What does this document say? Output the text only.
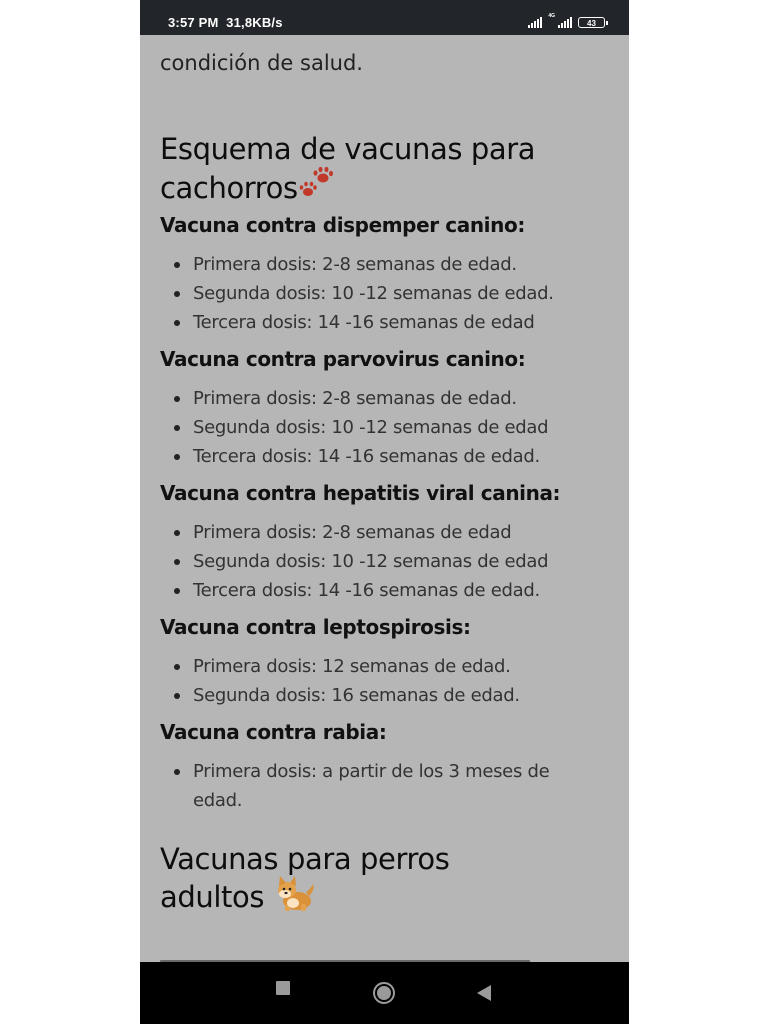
3:57 PM 31,8KB/s	4G
43

condición de salud.

Esquema de vacunas para cachorros
Vacuna contra dispemper canino:
Primera dosis: 2-8 semanas de edad.
Segunda dosis: 10 -12 semanas de edad.
Tercera dosis: 14 -16 semanas de edad
Vacuna contra parvovirus canino:
Primera dosis: 2-8 semanas de edad.
Segunda dosis: 10 -12 semanas de edad
Tercera dosis: 14 -16 semanas de edad.
Vacuna contra hepatitis viral canina:
Primera dosis: 2-8 semanas de edad
Segunda dosis: 10 -12 semanas de edad
Tercera dosis: 14 -16 semanas de edad.
Vacuna contra leptospirosis:
Primera dosis: 12 semanas de edad.
Segunda dosis: 16 semanas de edad.
Vacuna contra rabia:
Primera dosis: a partir de los 3 meses de edad.
Vacunas para perros adultos
